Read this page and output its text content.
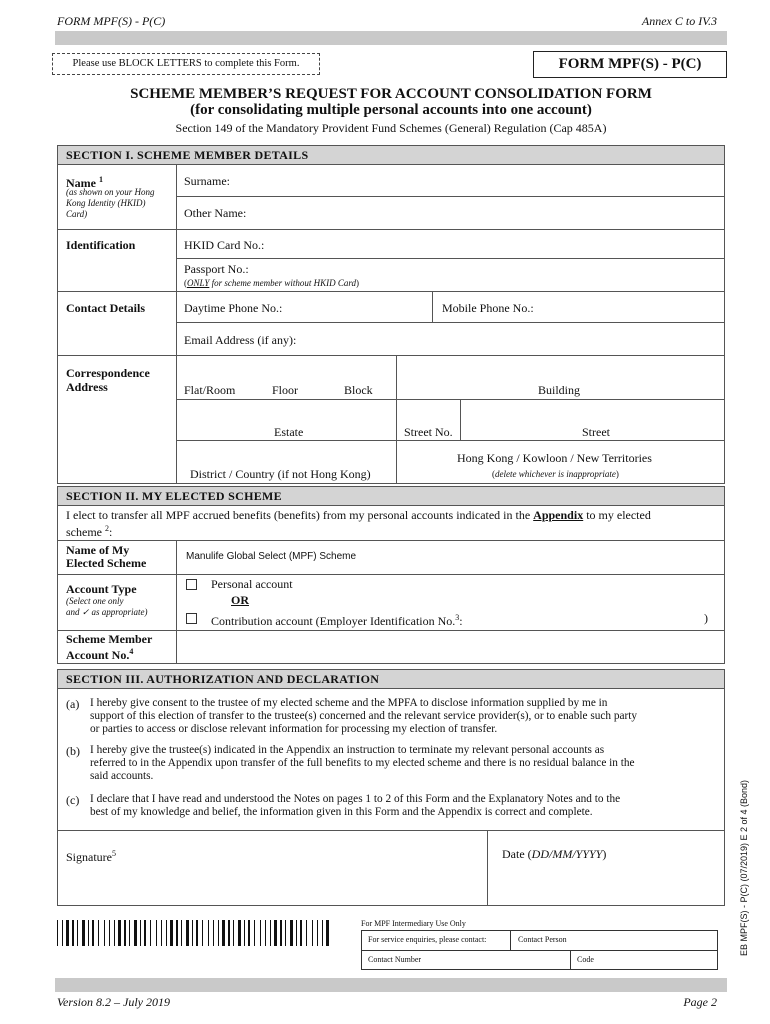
FORM MPF(S) - P(C)	Annex C to IV.3
Please use BLOCK LETTERS to complete this Form.	FORM MPF(S) - P(C)
SCHEME MEMBER’S REQUEST FOR ACCOUNT CONSOLIDATION FORM
(for consolidating multiple personal accounts into one account)
Section 149 of the Mandatory Provident Fund Schemes (General) Regulation (Cap 485A)
SECTION I. SCHEME MEMBER DETAILS
Name $^1$
(as shown on your Hong Kong Identity (HKID) Card)
Surname:
Other Name:
Identification	HKID Card No.:
Passport No.:
(ONLY for scheme member without HKID Card)
Contact Details	Daytime Phone No.:	Mobile Phone No.:
Email Address (if any):
Correspondence
Address	Flat/Room	Floor	Block	Building
Estate	Street No.	Street
District / Country (if not Hong Kong)
Hong Kong / Kowloon / New Territories
(delete whichever is inappropriate)
SECTION II. MY ELECTED SCHEME
I elect to transfer all MPF accrued benefits (benefits) from my personal accounts indicated in the Appendix to my elected
scheme $^2$:
Name of My
Elected Scheme	Manulife Global Select (MPF) Scheme
Account Type
(Select one only
and ✓ as appropriate)
Personal account
OR
Contribution account (Employer Identification No.$^3$:	)
Scheme Member
Account No.$^4$
SECTION III. AUTHORIZATION AND DECLARATION
(a) I hereby give consent to the trustee of my elected scheme and the MPFA to disclose information supplied by me in
support of this election of transfer to the trustee(s) concerned and the relevant service provider(s), or to enable such party
or parties to access or disclose relevant information for processing my election of transfer.
(b) I hereby give the trustee(s) indicated in the Appendix an instruction to terminate my relevant personal accounts as
referred to in the Appendix upon transfer of the full benefits to my elected scheme and there is no residual balance in the
said accounts.
(c) I declare that I have read and understood the Notes on pages 1 to 2 of this Form and the Explanatory Notes and to the
best of my knowledge and belief, the information given in this Form and the Appendix is correct and complete.
Signature$^5$	Date (DD/MM/YYYY)
For MPF Intermediary Use Only
For service enquiries, please contact:	Contact Person
Contact Number	Code
EB MPF(S) - P(C) (07/2019) E 2 of 4 (Bond)
Version 8.2 – July 2019	Page 2
